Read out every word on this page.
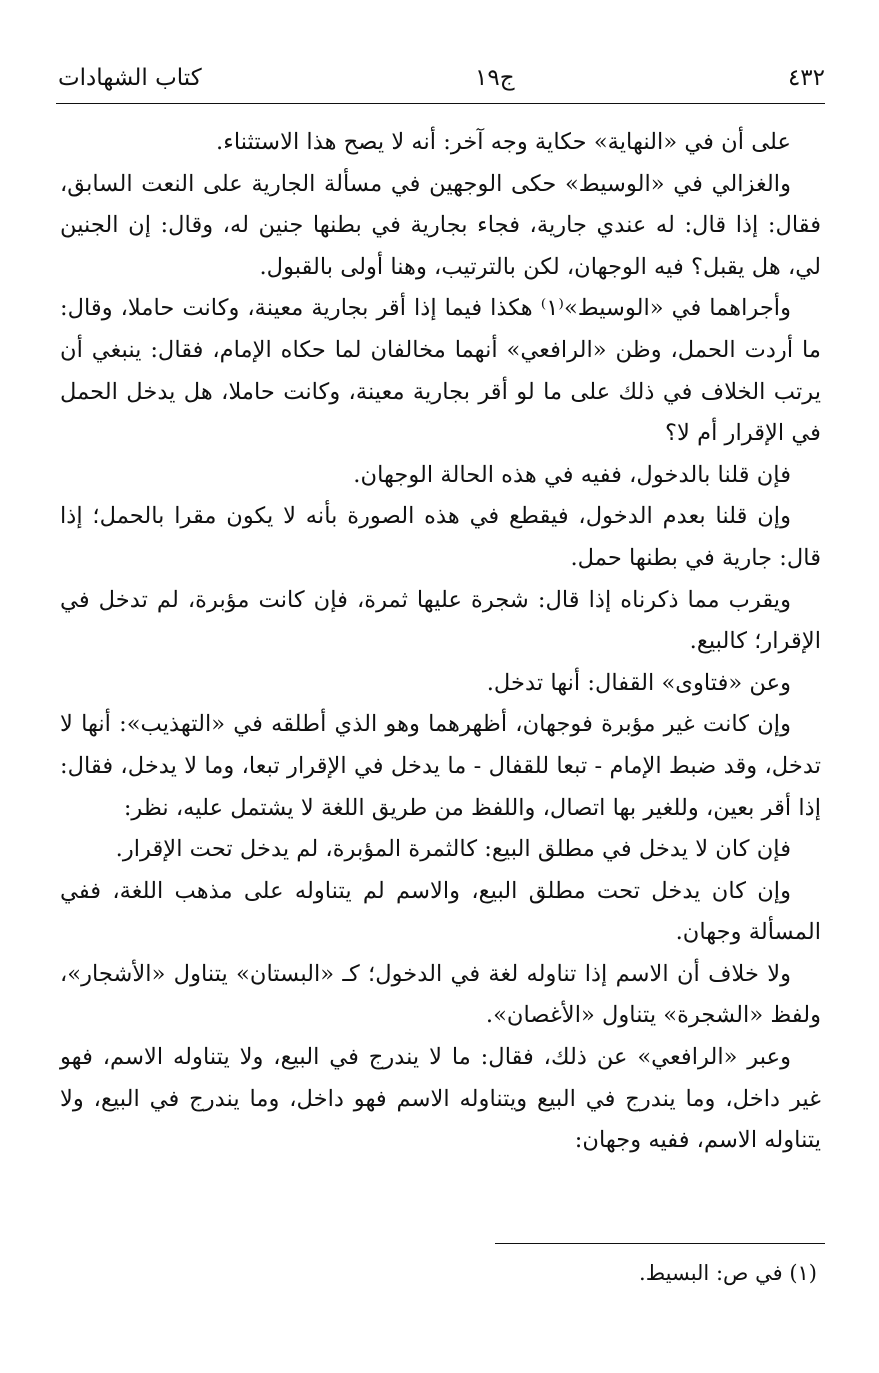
٤٣٢
ج١٩
كتاب الشهادات

على أن في «النهاية» حكاية وجه آخر: أنه لا يصح هذا الاستثناء.

والغزالي في «الوسيط» حكى الوجهين في مسألة الجارية على النعت السابق، فقال: إذا قال: له عندي جارية، فجاء بجارية في بطنها جنين له، وقال: إن الجنين لي، هل يقبل؟ فيه الوجهان، لكن بالترتيب، وهنا أولى بالقبول.

وأجراهما في «الوسيط»⁽١⁾ هكذا فيما إذا أقر بجارية معينة، وكانت حاملا، وقال: ما أردت الحمل، وظن «الرافعي» أنهما مخالفان لما حكاه الإمام، فقال: ينبغي أن يرتب الخلاف في ذلك على ما لو أقر بجارية معينة، وكانت حاملا، هل يدخل الحمل في الإقرار أم لا؟

فإن قلنا بالدخول، ففيه في هذه الحالة الوجهان.

وإن قلنا بعدم الدخول، فيقطع في هذه الصورة بأنه لا يكون مقرا بالحمل؛ إذا قال: جارية في بطنها حمل.

ويقرب مما ذكرناه إذا قال: شجرة عليها ثمرة، فإن كانت مؤبرة، لم تدخل في الإقرار؛ كالبيع.

وعن «فتاوى» القفال: أنها تدخل.

وإن كانت غير مؤبرة فوجهان، أظهرهما وهو الذي أطلقه في «التهذيب»: أنها لا تدخل، وقد ضبط الإمام - تبعا للقفال - ما يدخل في الإقرار تبعا، وما لا يدخل، فقال: إذا أقر بعين، وللغير بها اتصال، واللفظ من طريق اللغة لا يشتمل عليه، نظر:

فإن كان لا يدخل في مطلق البيع: كالثمرة المؤبرة، لم يدخل تحت الإقرار.

وإن كان يدخل تحت مطلق البيع، والاسم لم يتناوله على مذهب اللغة، ففي المسألة وجهان.

ولا خلاف أن الاسم إذا تناوله لغة في الدخول؛ كـ «البستان» يتناول «الأشجار»، ولفظ «الشجرة» يتناول «الأغصان».

وعبر «الرافعي» عن ذلك، فقال: ما لا يندرج في البيع، ولا يتناوله الاسم، فهو غير داخل، وما يندرج في البيع ويتناوله الاسم فهو داخل، وما يندرج في البيع، ولا يتناوله الاسم، ففيه وجهان:

(١) في ص: البسيط.
